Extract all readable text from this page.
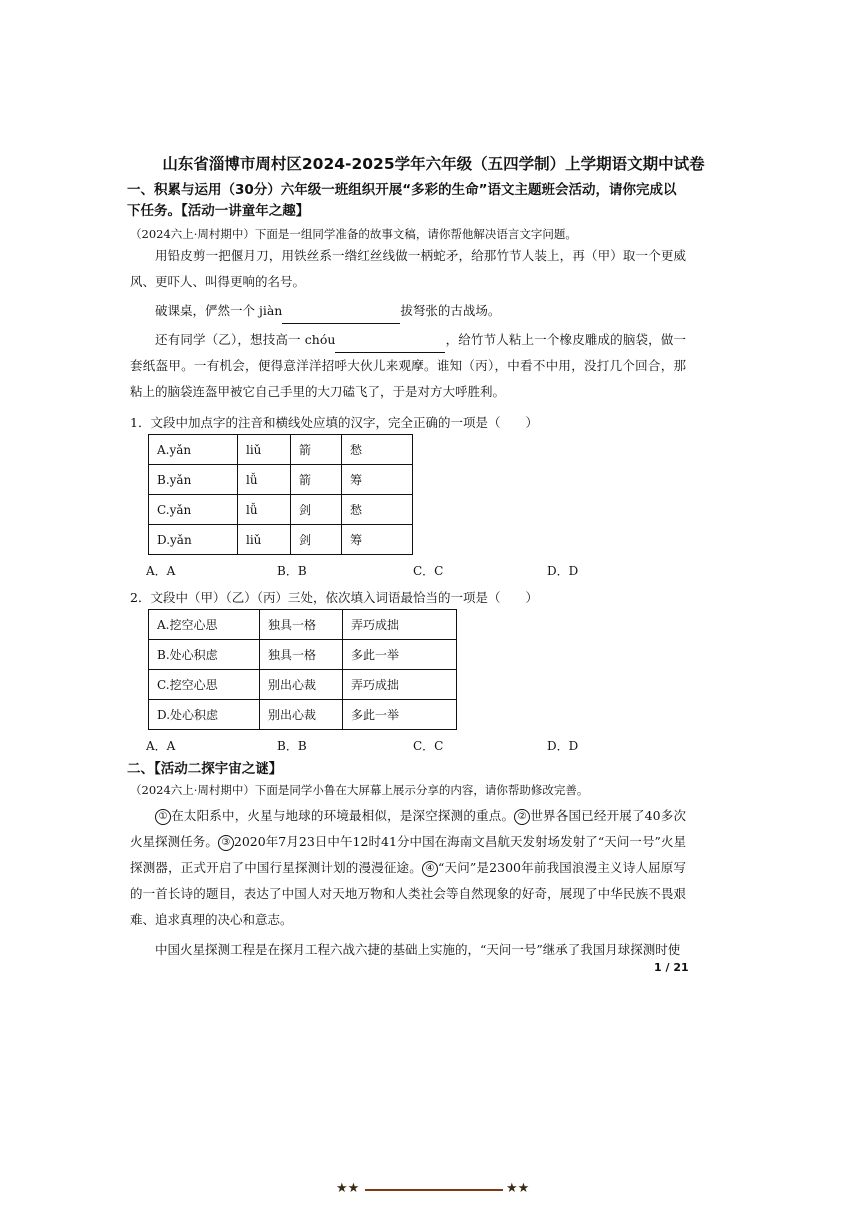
山东省淄博市周村区2024-2025学年六年级（五四学制）上学期语文期中试卷
一、积累与运用（30分）六年级一班组织开展“多彩的生命”语文主题班会活动，请你完成以下任务。【活动一讲童年之趣】
（2024六上·周村期中）下面是一组同学准备的故事文稿，请你帮他解决语言文字问题。
用铅皮剪一把偃月刀，用铁丝系一绺红丝线做一柄蛇矛，给那竹节人装上，再（甲）取一个更威风、更吓人、叫得更响的名号。
破课桌，俨然一个 jiàn	拔弩张的古战场。
还有同学（乙），想技高一 chóu	，给竹节人粘上一个橡皮雕成的脑袋，做一套纸盔甲。一有机会，便得意洋洋招呼大伙儿来观摩。谁知（丙），中看不中用，没打几个回合，那粘上的脑袋连盔甲被它自己手里的大刀磕飞了，于是对方大呼胜利。
1．文段中加点字的注音和横线处应填的汉字，完全正确的一项是（　　）
A.yǎn	liǔ	箭	愁
B.yǎn	lǚ	箭	筹
C.yǎn	lǚ	剑	愁
D.yǎn	liǔ	剑	筹
A．A	B．B	C．C	D．D
2．文段中（甲）（乙）（丙）三处，依次填入词语最恰当的一项是（　　）
A.挖空心思	独具一格	弄巧成拙
B.处心积虑	独具一格	多此一举
C.挖空心思	别出心裁	弄巧成拙
D.处心积虑	别出心裁	多此一举
A．A	B．B	C．C	D．D
二、【活动二探宇宙之谜】
（2024六上·周村期中）下面是同学小鲁在大屏幕上展示分享的内容，请你帮助修改完善。
① 在太阳系中，火星与地球的环境最相似，是深空探测的重点。 ② 世界各国已经开展了40多次火星探测任务。 ③ 2020年7月23日中午12时41分中国在海南文昌航天发射场发射了“天问一号”火星探测器，正式开启了中国行星探测计划的漫漫征途。 ④ “天问”是2300年前我国浪漫主义诗人屈原写的一首长诗的题目，表达了中国人对天地万物和人类社会等自然现象的好奇，展现了中华民族不畏艰难、追求真理的决心和意志。
中国火星探测工程是在探月工程六战六捷的基础上实施的，“天问一号”继承了我国月球探测时使
1 / 21
★★	★★
